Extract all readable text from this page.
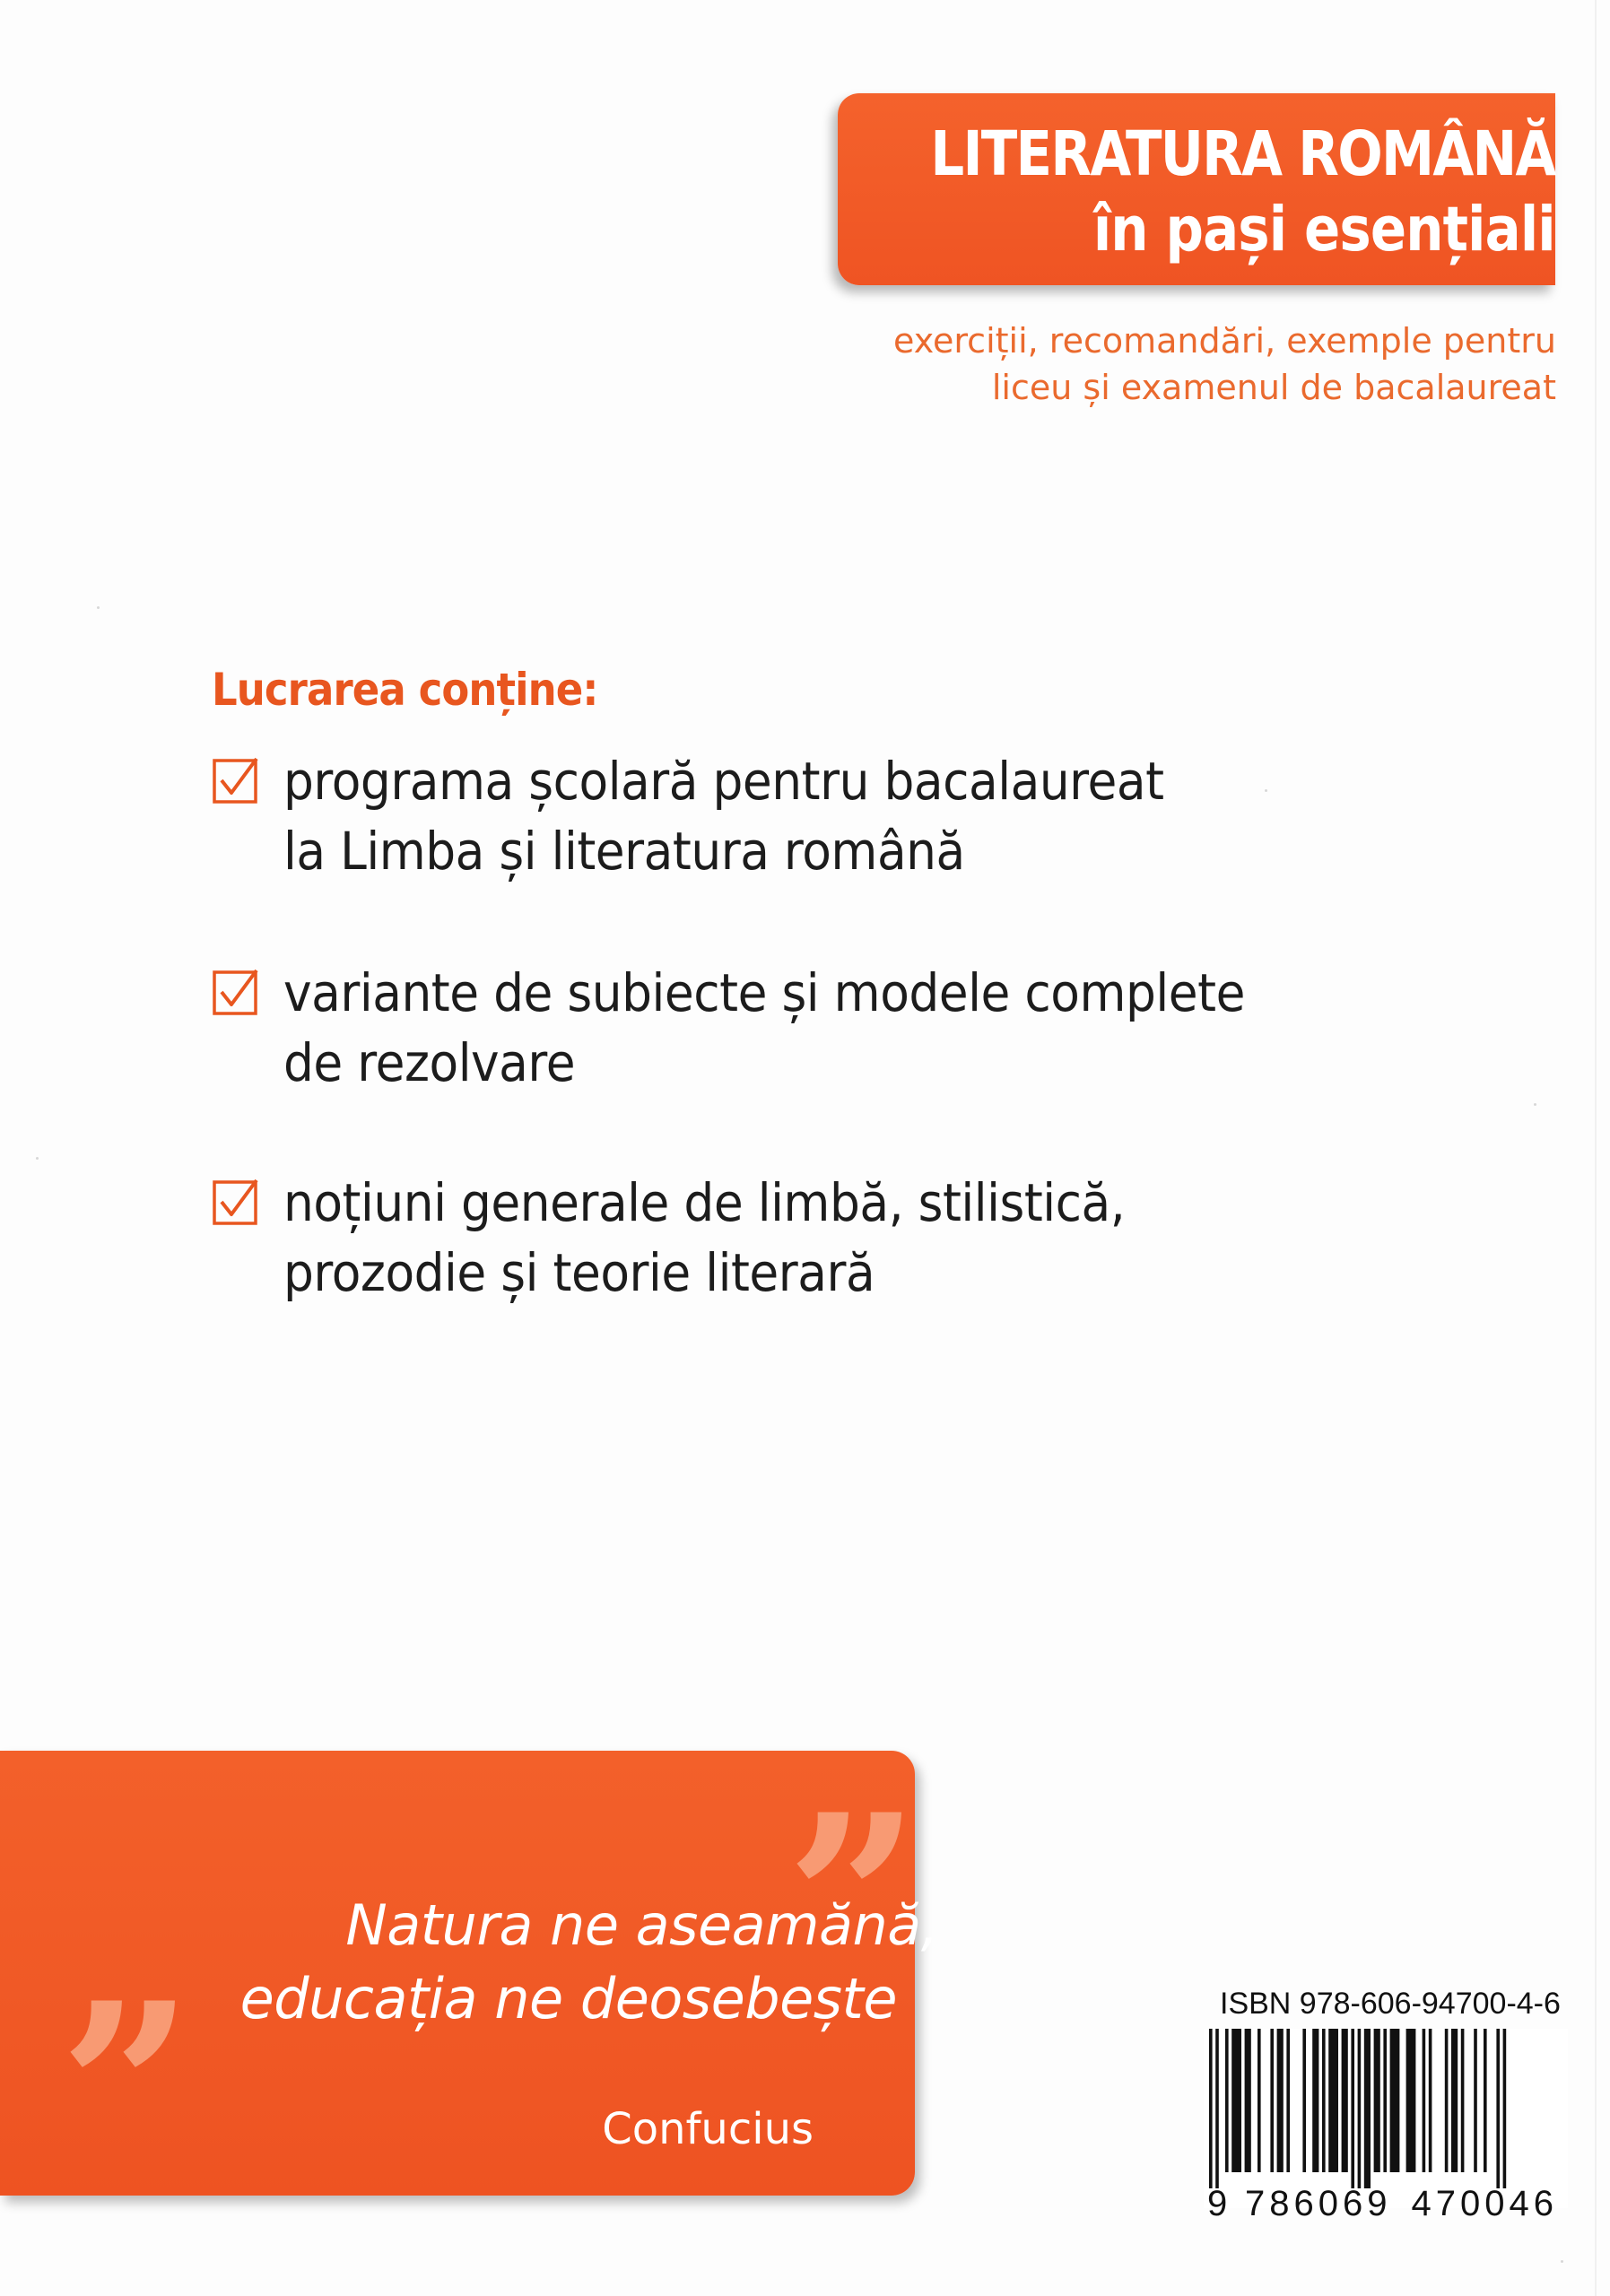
LITERATURA ROMÂNĂ
în pași esențiali
exerciții, recomandări, exemple pentru
liceu și examenul de bacalaureat
Lucrarea conține:
programa școlară pentru bacalaureat
la Limba și literatura română
variante de subiecte și modele complete
de rezolvare
noțiuni generale de limbă, stilistică,
prozodie și teorie literară
”
”
Natura ne aseamănă,
educația ne deosebește
Confucius
ISBN 978-606-94700-4-6
9 786069 470046
